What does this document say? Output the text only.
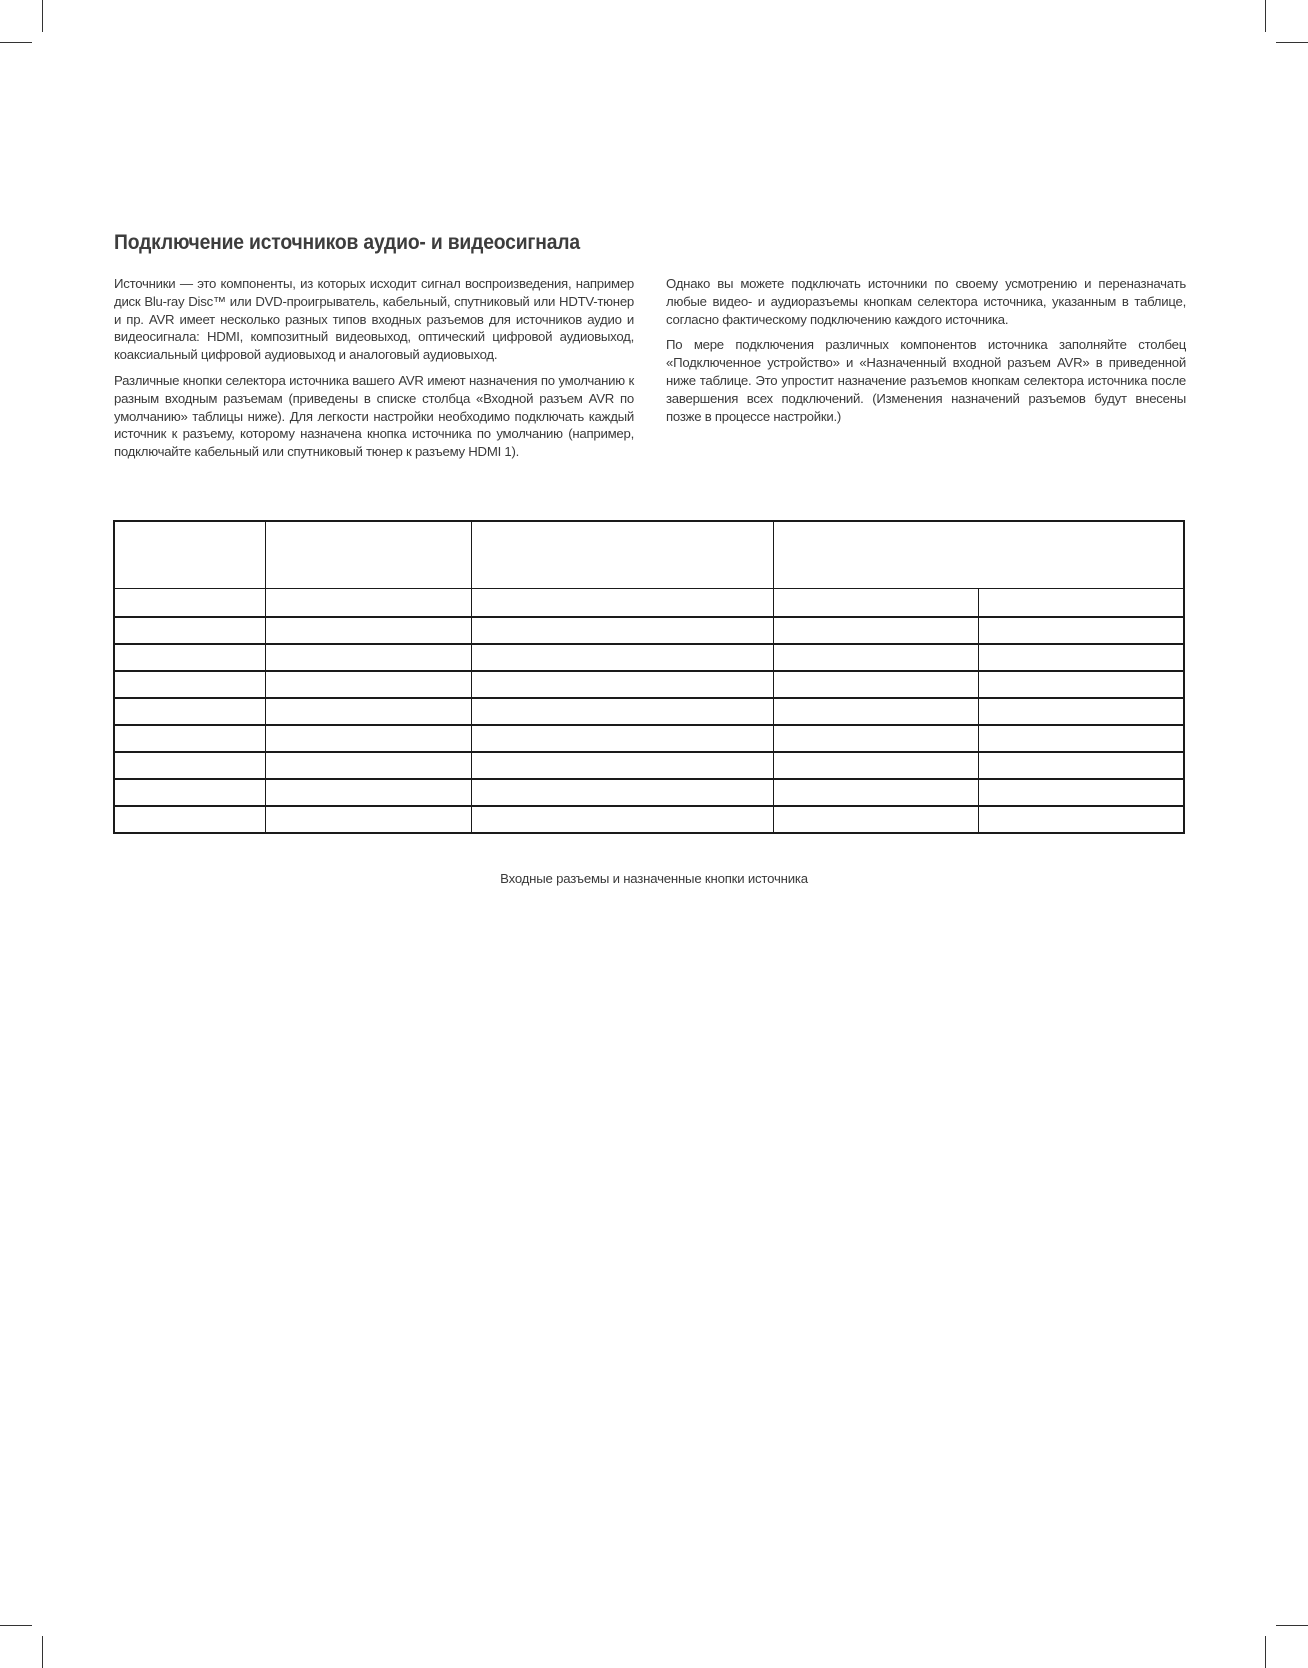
Подключение источников аудио- и видеосигнала

Источники — это компоненты, из которых исходит сигнал воспроизведения, например диск Blu-ray Disc™ или DVD-проигрыватель, кабельный, спутниковый или HDTV-тюнер и пр. AVR имеет несколько разных типов входных разъемов для источников аудио и видеосигнала: HDMI, композитный видеовыход, оптический цифровой аудиовыход, коаксиальный цифровой аудиовыход и аналоговый аудиовыход.

Различные кнопки селектора источника вашего AVR имеют назначения по умолчанию к разным входным разъемам (приведены в списке столбца «Входной разъем AVR по умолчанию» таблицы ниже). Для легкости настройки необходимо подключать каждый источник к разъему, которому назначена кнопка источника по умолчанию (например, подключайте кабельный или спутниковый тюнер к разъему HDMI 1).

Однако вы можете подключать источники по своему усмотрению и переназначать любые видео- и аудиоразъемы кнопкам селектора источника, указанным в таблице, согласно фактическому подключению каждого источника.

По мере подключения различных компонентов источника заполняйте столбец «Подключенное устройство» и «Назначенный входной разъем AVR» в приведенной ниже таблице. Это упростит назначение разъемов кнопкам селектора источника после завершения всех подключений. (Изменения назначений разъемов будут внесены позже в процессе настройки.)

Входные разъемы и назначенные кнопки источника
